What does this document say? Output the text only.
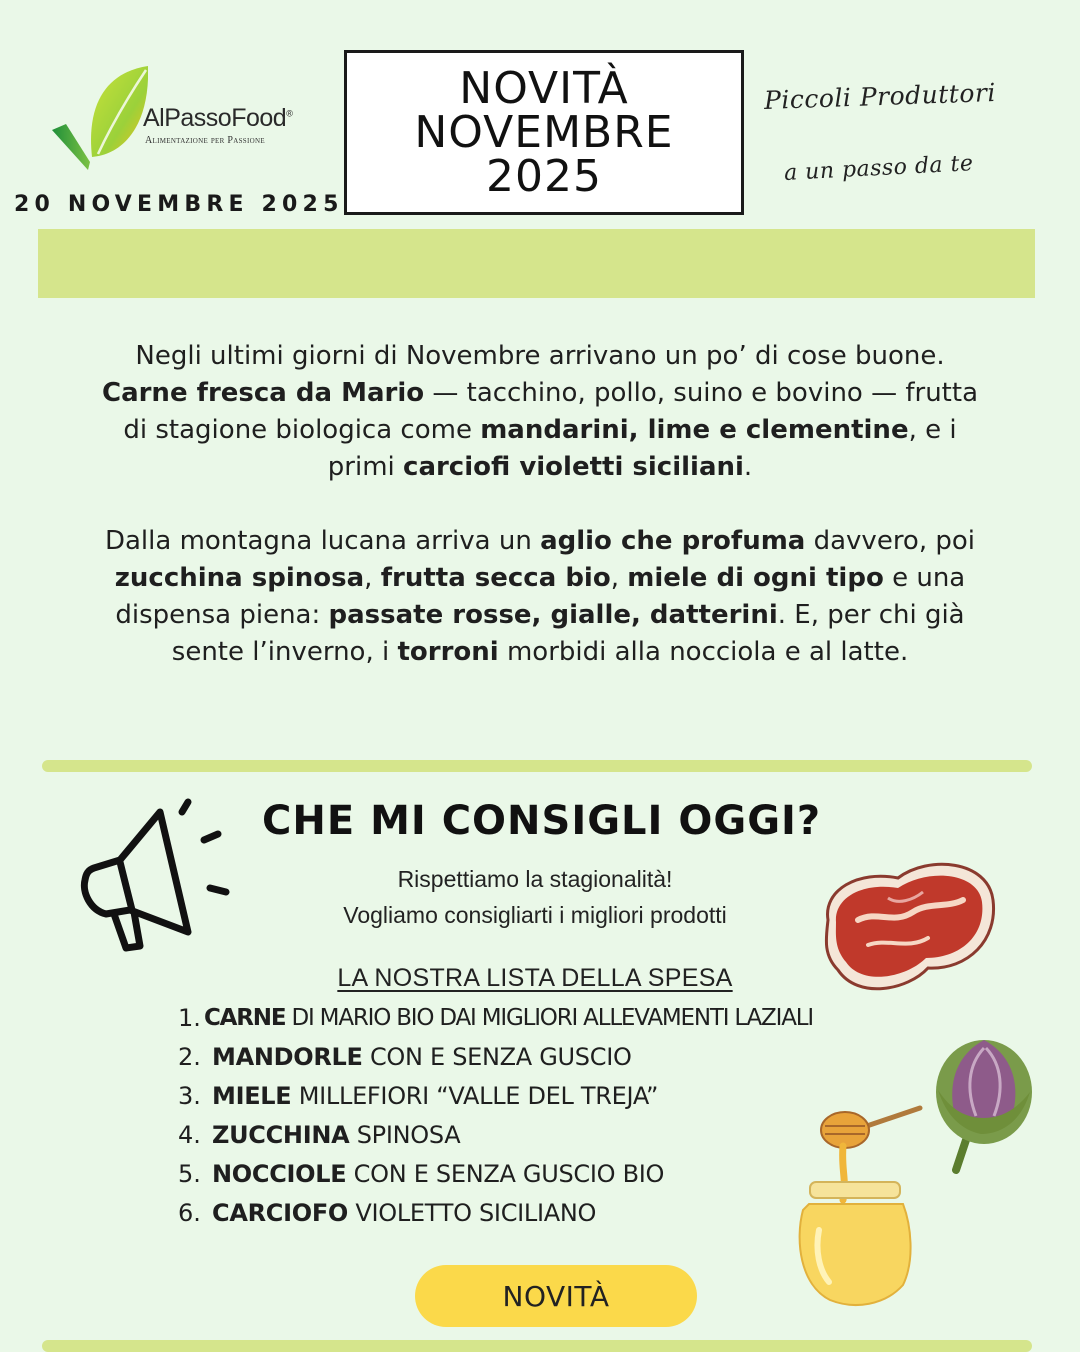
AlPassoFood®
Alimentazione per Passione
20 NOVEMBRE 2025
NOVITÀ
NOVEMBRE
2025
Piccoli Produttori
a un passo da te
Negli ultimi giorni di Novembre arrivano un po’ di cose buone. Carne fresca da Mario — tacchino, pollo, suino e bovino — frutta di stagione biologica come mandarini, lime e clementine, e i primi carciofi violetti siciliani.
Dalla montagna lucana arriva un aglio che profuma davvero, poi zucchina spinosa, frutta secca bio, miele di ogni tipo e una dispensa piena: passate rosse, gialle, datterini. E, per chi già sente l’inverno, i torroni morbidi alla nocciola e al latte.
CHE MI CONSIGLI OGGI?
Rispettiamo la stagionalità!
Vogliamo consigliarti i migliori prodotti
LA NOSTRA LISTA DELLA SPESA
1. CARNE DI MARIO BIO DAI MIGLIORI ALLEVAMENTI LAZIALI
2. MANDORLE CON E SENZA GUSCIO
3. MIELE MILLEFIORI “VALLE DEL TREJA”
4. ZUCCHINA SPINOSA
5. NOCCIOLE CON E SENZA GUSCIO BIO
6. CARCIOFO VIOLETTO SICILIANO
NOVITÀ
